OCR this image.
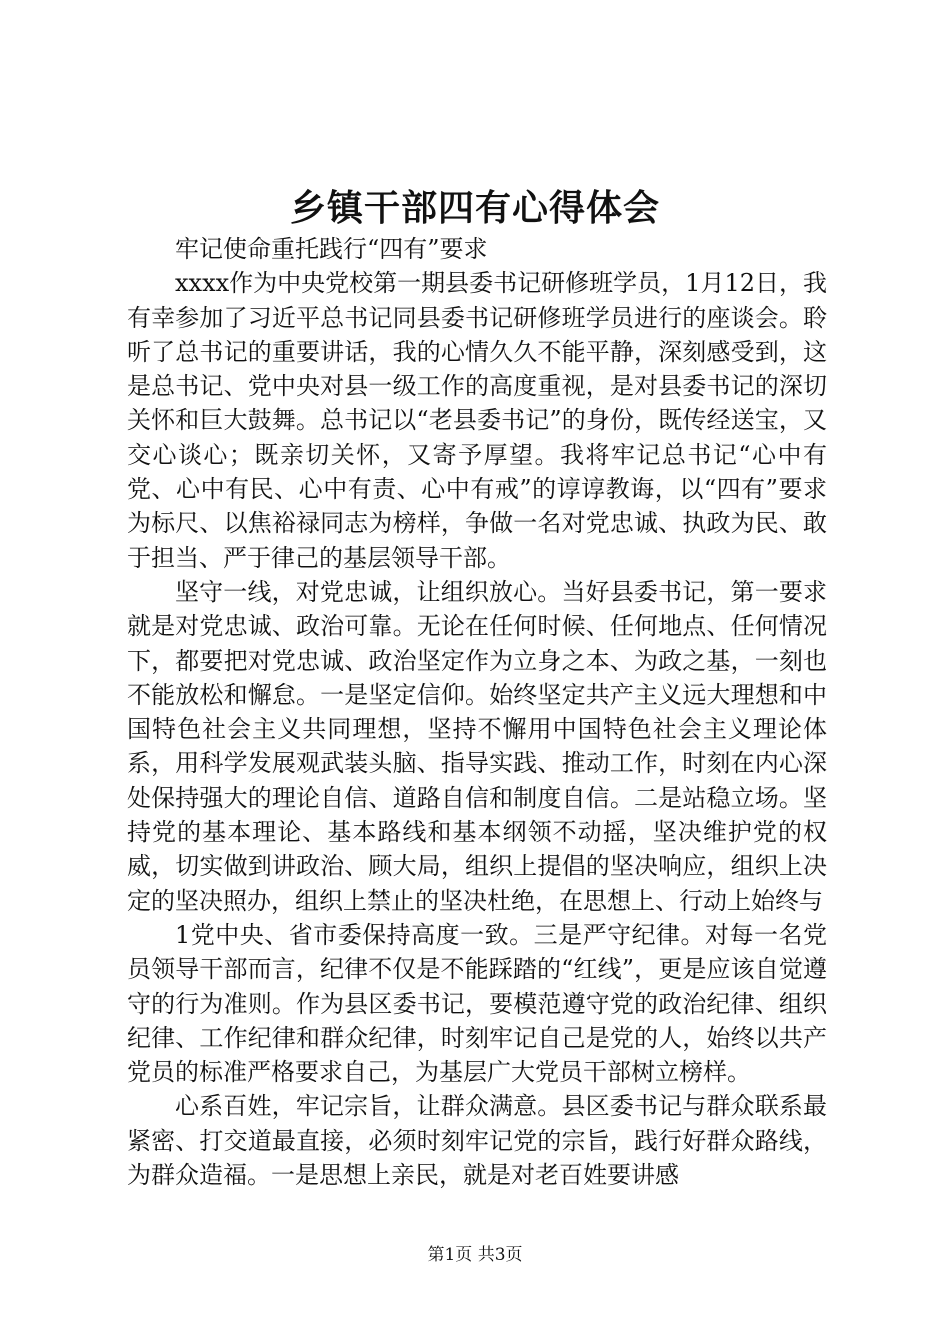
乡镇干部四有心得体会

牢记使命重托践行“四有”要求

xxxx作为中央党校第一期县委书记研修班学员，1月12日，我有幸参加了习近平总书记同县委书记研修班学员进行的座谈会。聆听了总书记的重要讲话，我的心情久久不能平静，深刻感受到，这是总书记、党中央对县一级工作的高度重视，是对县委书记的深切关怀和巨大鼓舞。总书记以“老县委书记”的身份，既传经送宝，又交心谈心；既亲切关怀，又寄予厚望。我将牢记总书记“心中有党、心中有民、心中有责、心中有戒”的谆谆教诲，以“四有”要求为标尺、以焦裕禄同志为榜样，争做一名对党忠诚、执政为民、敢于担当、严于律己的基层领导干部。

坚守一线，对党忠诚，让组织放心。当好县委书记，第一要求就是对党忠诚、政治可靠。无论在任何时候、任何地点、任何情况下，都要把对党忠诚、政治坚定作为立身之本、为政之基，一刻也不能放松和懈怠。一是坚定信仰。始终坚定共产主义远大理想和中国特色社会主义共同理想，坚持不懈用中国特色社会主义理论体系，用科学发展观武装头脑、指导实践、推动工作，时刻在内心深处保持强大的理论自信、道路自信和制度自信。二是站稳立场。坚持党的基本理论、基本路线和基本纲领不动摇，坚决维护党的权威，切实做到讲政治、顾大局，组织上提倡的坚决响应，组织上决定的坚决照办，组织上禁止的坚决杜绝，在思想上、行动上始终与

1党中央、省市委保持高度一致。三是严守纪律。对每一名党员领导干部而言，纪律不仅是不能踩踏的“红线”，更是应该自觉遵守的行为准则。作为县区委书记，要模范遵守党的政治纪律、组织纪律、工作纪律和群众纪律，时刻牢记自己是党的人，始终以共产党员的标准严格要求自己，为基层广大党员干部树立榜样。

心系百姓，牢记宗旨，让群众满意。县区委书记与群众联系最紧密、打交道最直接，必须时刻牢记党的宗旨，践行好群众路线，为群众造福。一是思想上亲民，就是对老百姓要讲感

第1页 共3页
